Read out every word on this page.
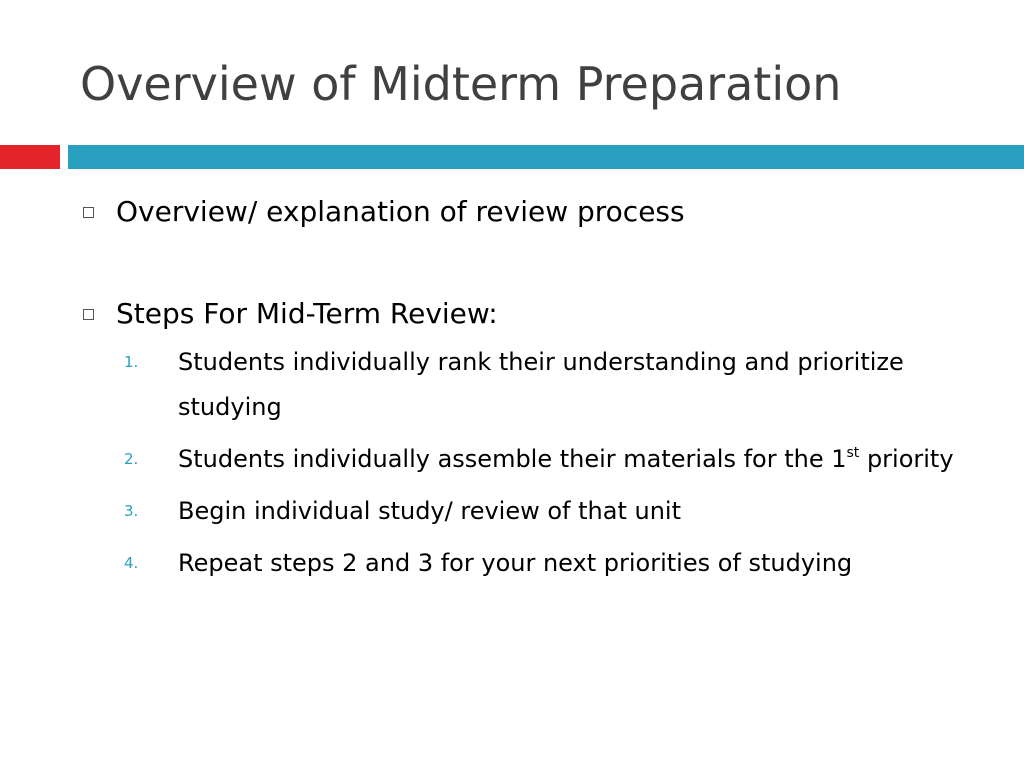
Overview of Midterm Preparation
Overview/ explanation of review process
Steps For Mid-Term Review:
1. Students individually rank their understanding and prioritize studying
2. Students individually assemble their materials for the 1st priority
3. Begin individual study/ review of that unit
4. Repeat steps 2 and 3 for your next priorities of studying
